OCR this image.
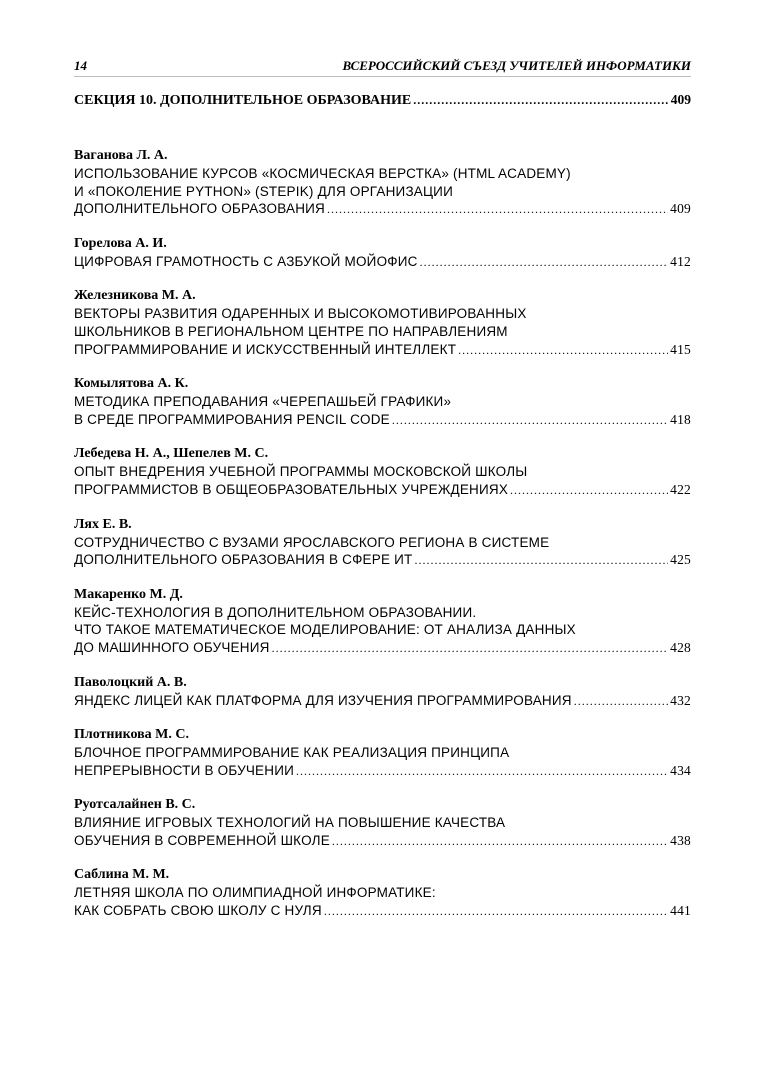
14	ВСЕРОССИЙСКИЙ СЪЕЗД УЧИТЕЛЕЙ ИНФОРМАТИКИ
СЕКЦИЯ 10. ДОПОЛНИТЕЛЬНОЕ ОБРАЗОВАНИЕ .....	409
Ваганова Л. А.
ИСПОЛЬЗОВАНИЕ КУРСОВ «КОСМИЧЕСКАЯ ВЕРСТКА» (HTML ACADEMY)
И «ПОКОЛЕНИЕ PYTHON» (STEPIK) ДЛЯ ОРГАНИЗАЦИИ
ДОПОЛНИТЕЛЬНОГО ОБРАЗОВАНИЯ .....	409
Горелова А. И.
ЦИФРОВАЯ ГРАМОТНОСТЬ С АЗБУКОЙ МОЙОФИС .....	412
Железникова М. А.
ВЕКТОРЫ РАЗВИТИЯ ОДАРЕННЫХ И ВЫСОКОМОТИВИРОВАННЫХ
ШКОЛЬНИКОВ В РЕГИОНАЛЬНОМ ЦЕНТРЕ ПО НАПРАВЛЕНИЯМ
ПРОГРАММИРОВАНИЕ И ИСКУССТВЕННЫЙ ИНТЕЛЛЕКТ .....	415
Комылятова А. К.
МЕТОДИКА ПРЕПОДАВАНИЯ «ЧЕРЕПАШЬЕЙ ГРАФИКИ»
В СРЕДЕ ПРОГРАММИРОВАНИЯ PENCIL CODE .....	418
Лебедева Н. А., Шепелев М. С.
ОПЫТ ВНЕДРЕНИЯ УЧЕБНОЙ ПРОГРАММЫ МОСКОВСКОЙ ШКОЛЫ
ПРОГРАММИСТОВ В ОБЩЕОБРАЗОВАТЕЛЬНЫХ УЧРЕЖДЕНИЯХ .....	422
Лях Е. В.
СОТРУДНИЧЕСТВО С ВУЗАМИ ЯРОСЛАВСКОГО РЕГИОНА В СИСТЕМЕ
ДОПОЛНИТЕЛЬНОГО ОБРАЗОВАНИЯ В СФЕРЕ ИТ .....	425
Макаренко М. Д.
КЕЙС-ТЕХНОЛОГИЯ В ДОПОЛНИТЕЛЬНОМ ОБРАЗОВАНИИ.
ЧТО ТАКОЕ МАТЕМАТИЧЕСКОЕ МОДЕЛИРОВАНИЕ: ОТ АНАЛИЗА ДАННЫХ
ДО МАШИННОГО ОБУЧЕНИЯ .....	428
Паволоцкий А. В.
ЯНДЕКС ЛИЦЕЙ КАК ПЛАТФОРМА ДЛЯ ИЗУЧЕНИЯ ПРОГРАММИРОВАНИЯ .....	432
Плотникова М. С.
БЛОЧНОЕ ПРОГРАММИРОВАНИЕ КАК РЕАЛИЗАЦИЯ ПРИНЦИПА
НЕПРЕРЫВНОСТИ В ОБУЧЕНИИ .....	434
Руотсалайнен В. С.
ВЛИЯНИЕ ИГРОВЫХ ТЕХНОЛОГИЙ НА ПОВЫШЕНИЕ КАЧЕСТВА
ОБУЧЕНИЯ В СОВРЕМЕННОЙ ШКОЛЕ .....	438
Саблина М. М.
ЛЕТНЯЯ ШКОЛА ПО ОЛИМПИАДНОЙ ИНФОРМАТИКЕ:
КАК СОБРАТЬ СВОЮ ШКОЛУ С НУЛЯ .....	441
